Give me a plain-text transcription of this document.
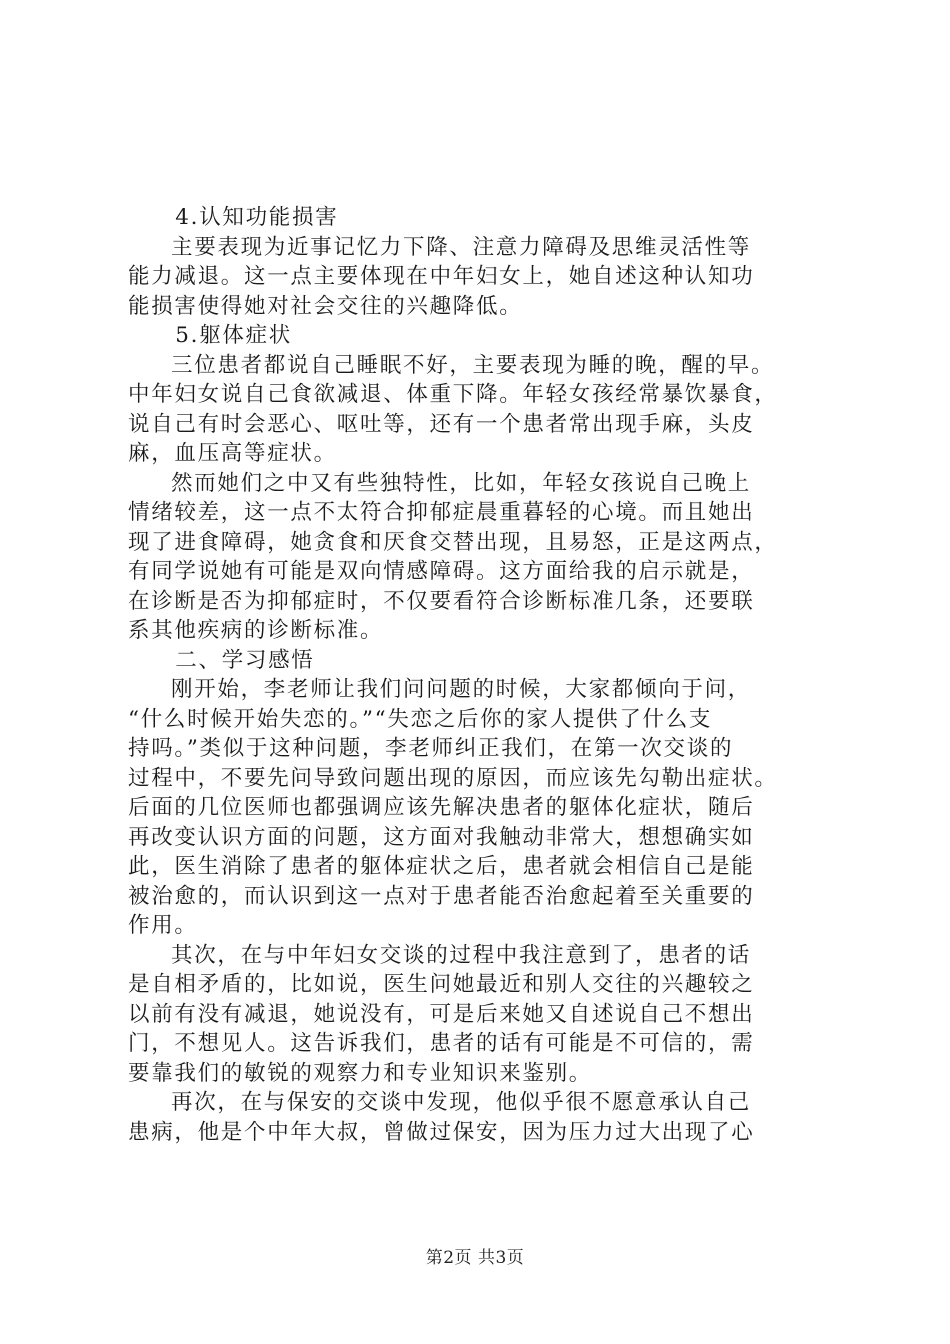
4.认知功能损害

主要表现为近事记忆力下降、注意力障碍及思维灵活性等
能力减退。这一点主要体现在中年妇女上，她自述这种认知功
能损害使得她对社会交往的兴趣降低。

5.躯体症状

三位患者都说自己睡眠不好，主要表现为睡的晚，醒的早。
中年妇女说自己食欲减退、体重下降。年轻女孩经常暴饮暴食，
说自己有时会恶心、呕吐等，还有一个患者常出现手麻，头皮
麻，血压高等症状。

然而她们之中又有些独特性，比如，年轻女孩说自己晚上
情绪较差，这一点不太符合抑郁症晨重暮轻的心境。而且她出
现了进食障碍，她贪食和厌食交替出现，且易怒，正是这两点，
有同学说她有可能是双向情感障碍。这方面给我的启示就是，
在诊断是否为抑郁症时，不仅要看符合诊断标准几条，还要联
系其他疾病的诊断标准。

二、学习感悟

刚开始，李老师让我们问问题的时候，大家都倾向于问，
“什么时候开始失恋的。”“失恋之后你的家人提供了什么支
持吗。”类似于这种问题，李老师纠正我们，在第一次交谈的
过程中，不要先问导致问题出现的原因，而应该先勾勒出症状。
后面的几位医师也都强调应该先解决患者的躯体化症状，随后
再改变认识方面的问题，这方面对我触动非常大，想想确实如
此，医生消除了患者的躯体症状之后，患者就会相信自己是能
被治愈的，而认识到这一点对于患者能否治愈起着至关重要的
作用。

其次，在与中年妇女交谈的过程中我注意到了，患者的话
是自相矛盾的，比如说，医生问她最近和别人交往的兴趣较之
以前有没有减退，她说没有，可是后来她又自述说自己不想出
门，不想见人。这告诉我们，患者的话有可能是不可信的，需
要靠我们的敏锐的观察力和专业知识来鉴别。

再次，在与保安的交谈中发现，他似乎很不愿意承认自己
患病，他是个中年大叔，曾做过保安，因为压力过大出现了心

第2页 共3页
